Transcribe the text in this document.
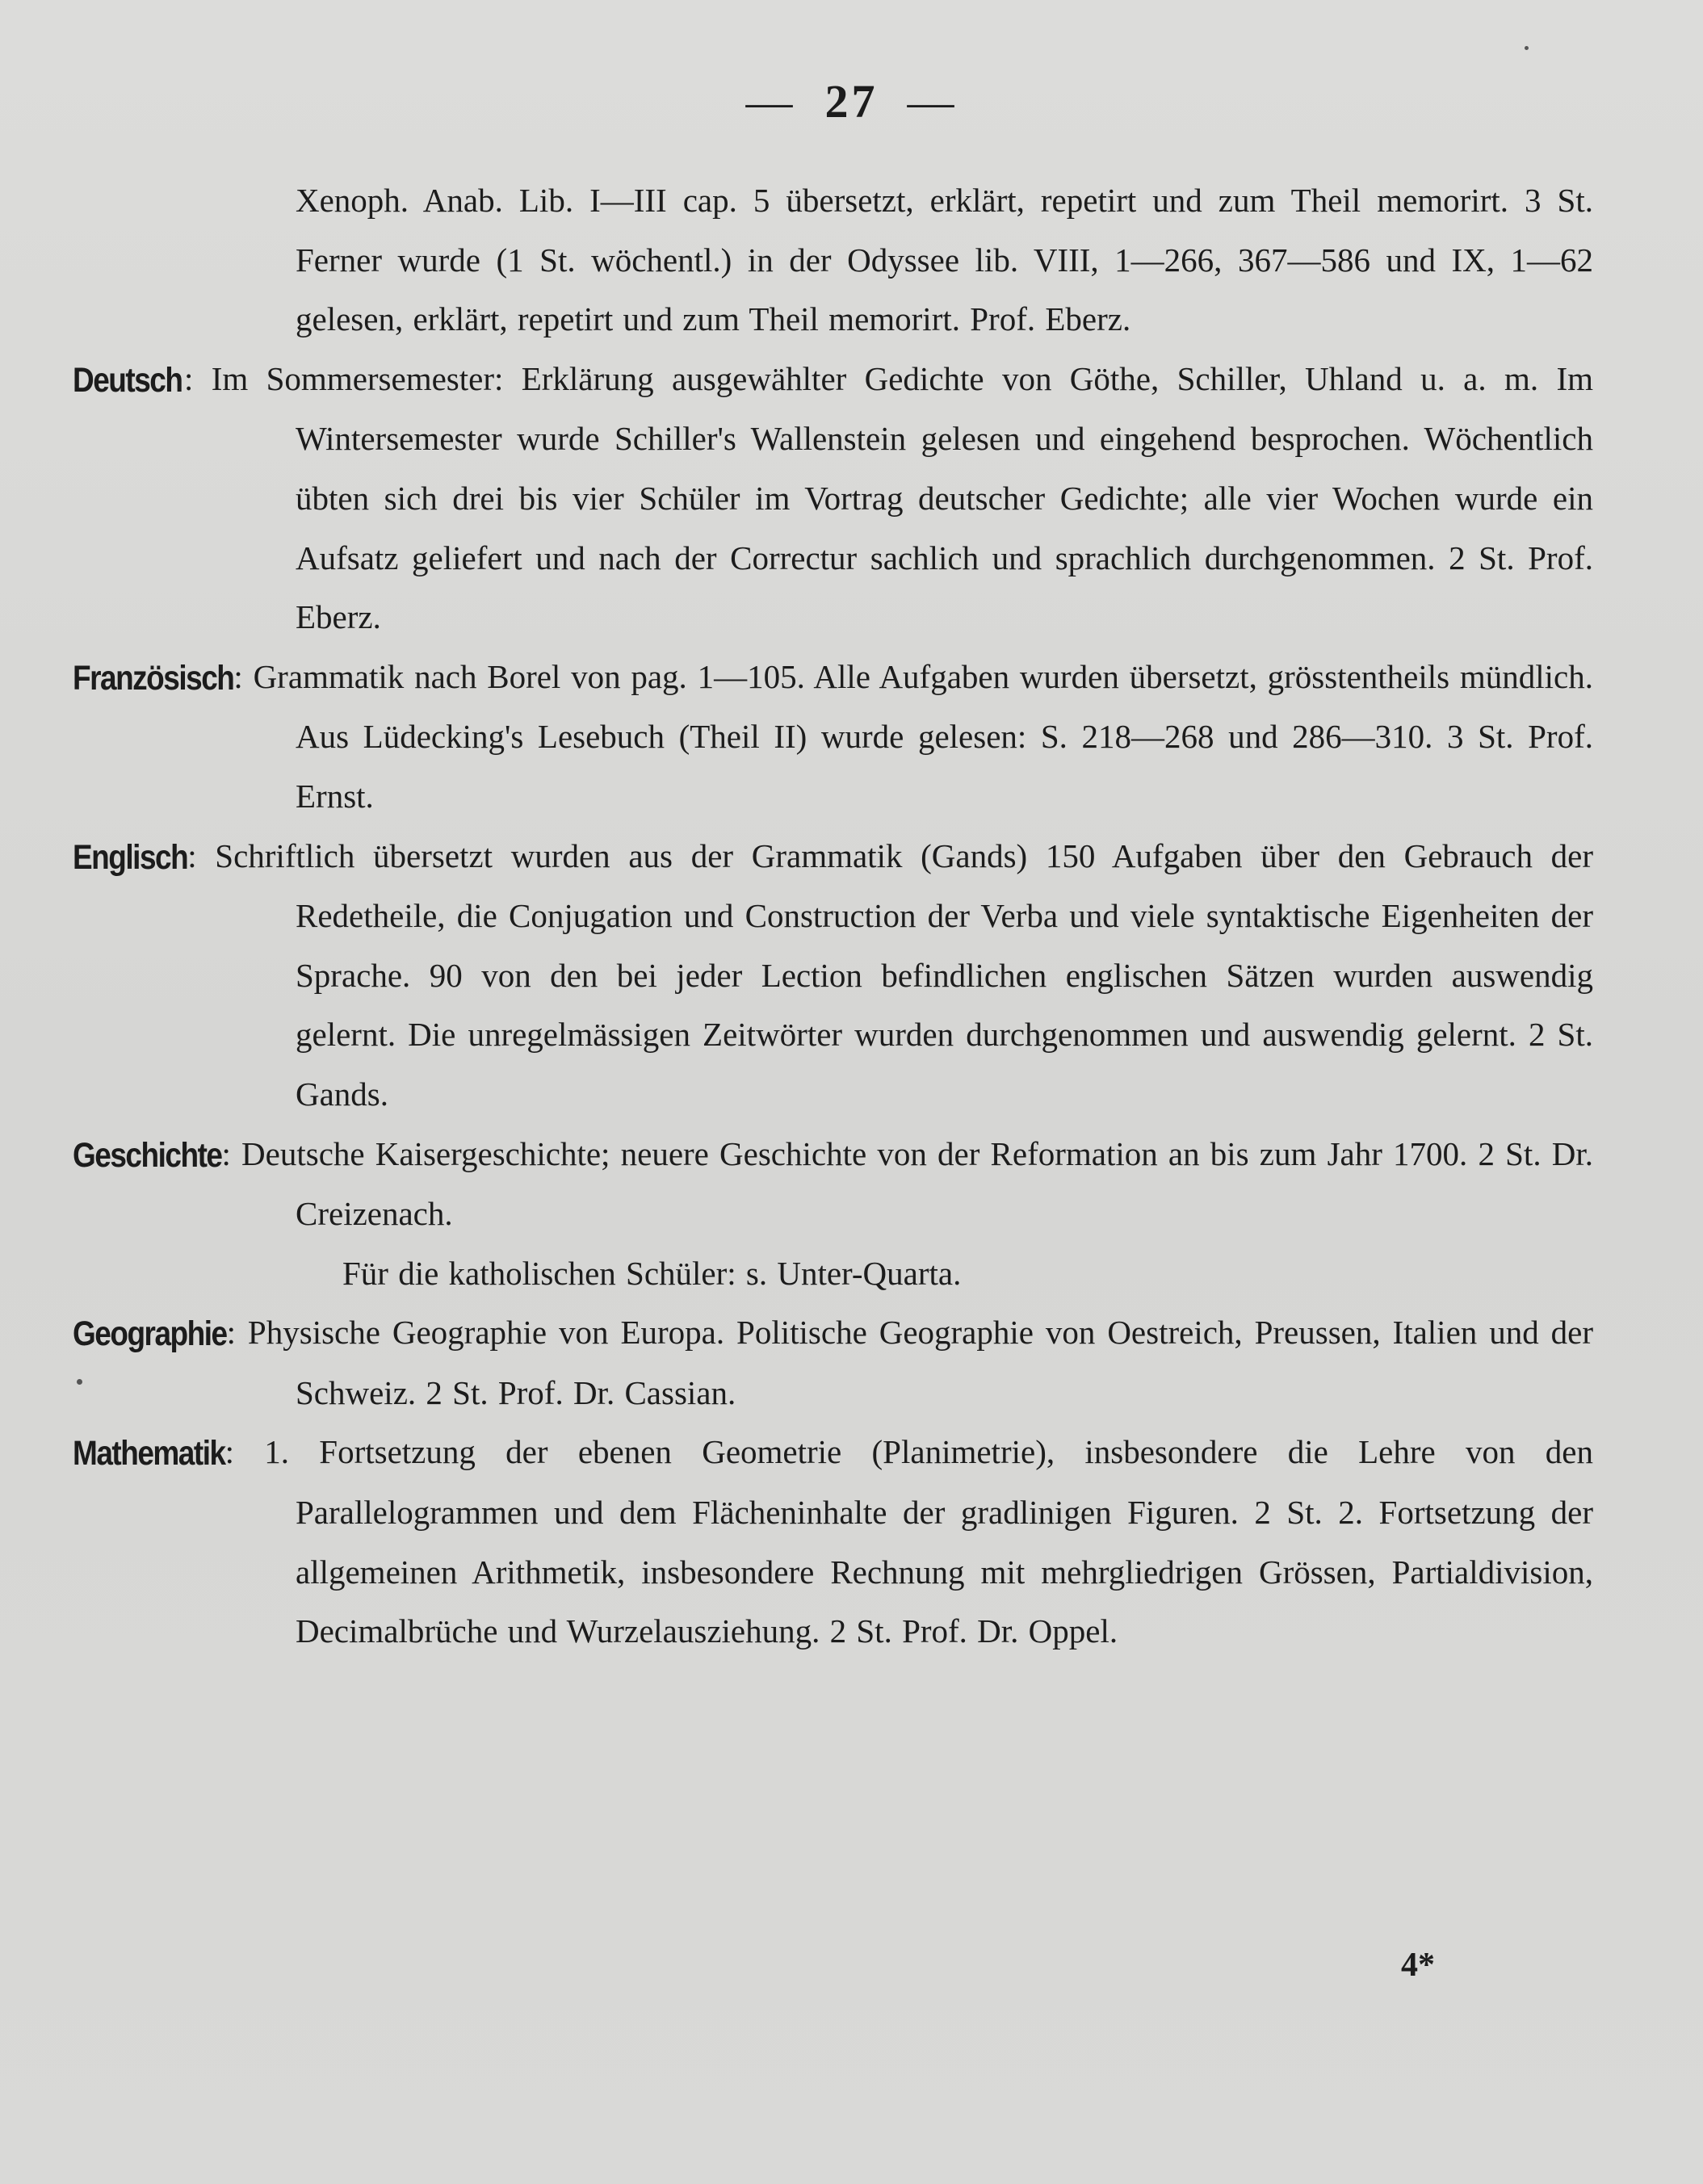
— 27 —

Xenoph. Anab. Lib. I—III cap. 5 übersetzt, erklärt, repetirt und zum Theil memorirt. 3 St. Ferner wurde (1 St. wöchentl.) in der Odyssee lib. VIII, 1—266, 367—586 und IX, 1—62 gelesen, erklärt, repetirt und zum Theil memorirt. Prof. Eberz.

Deutsch: Im Sommersemester: Erklärung ausgewählter Gedichte von Göthe, Schiller, Uhland u. a. m. Im Wintersemester wurde Schiller's Wallenstein gelesen und eingehend besprochen. Wöchentlich übten sich drei bis vier Schüler im Vortrag deutscher Gedichte; alle vier Wochen wurde ein Aufsatz geliefert und nach der Correctur sachlich und sprachlich durchgenommen. 2 St. Prof. Eberz.

Französisch: Grammatik nach Borel von pag. 1—105. Alle Aufgaben wurden übersetzt, grösstentheils mündlich. Aus Lüdecking's Lesebuch (Theil II) wurde gelesen: S. 218—268 und 286—310. 3 St. Prof. Ernst.

Englisch: Schriftlich übersetzt wurden aus der Grammatik (Gands) 150 Aufgaben über den Gebrauch der Redetheile, die Conjugation und Construction der Verba und viele syntaktische Eigenheiten der Sprache. 90 von den bei jeder Lection befindlichen englischen Sätzen wurden auswendig gelernt. Die unregelmässigen Zeitwörter wurden durchgenommen und auswendig gelernt. 2 St. Gands.

Geschichte: Deutsche Kaisergeschichte; neuere Geschichte von der Reformation an bis zum Jahr 1700. 2 St. Dr. Creizenach.

Für die katholischen Schüler: s. Unter-Quarta.

Geographie: Physische Geographie von Europa. Politische Geographie von Oestreich, Preussen, Italien und der Schweiz. 2 St. Prof. Dr. Cassian.

Mathematik: 1. Fortsetzung der ebenen Geometrie (Planimetrie), insbesondere die Lehre von den Parallelogrammen und dem Flächeninhalte der gradlinigen Figuren. 2 St. 2. Fortsetzung der allgemeinen Arithmetik, insbesondere Rechnung mit mehrgliedrigen Grössen, Partialdivision, Decimalbrüche und Wurzelausziehung. 2 St. Prof. Dr. Oppel.

4*
